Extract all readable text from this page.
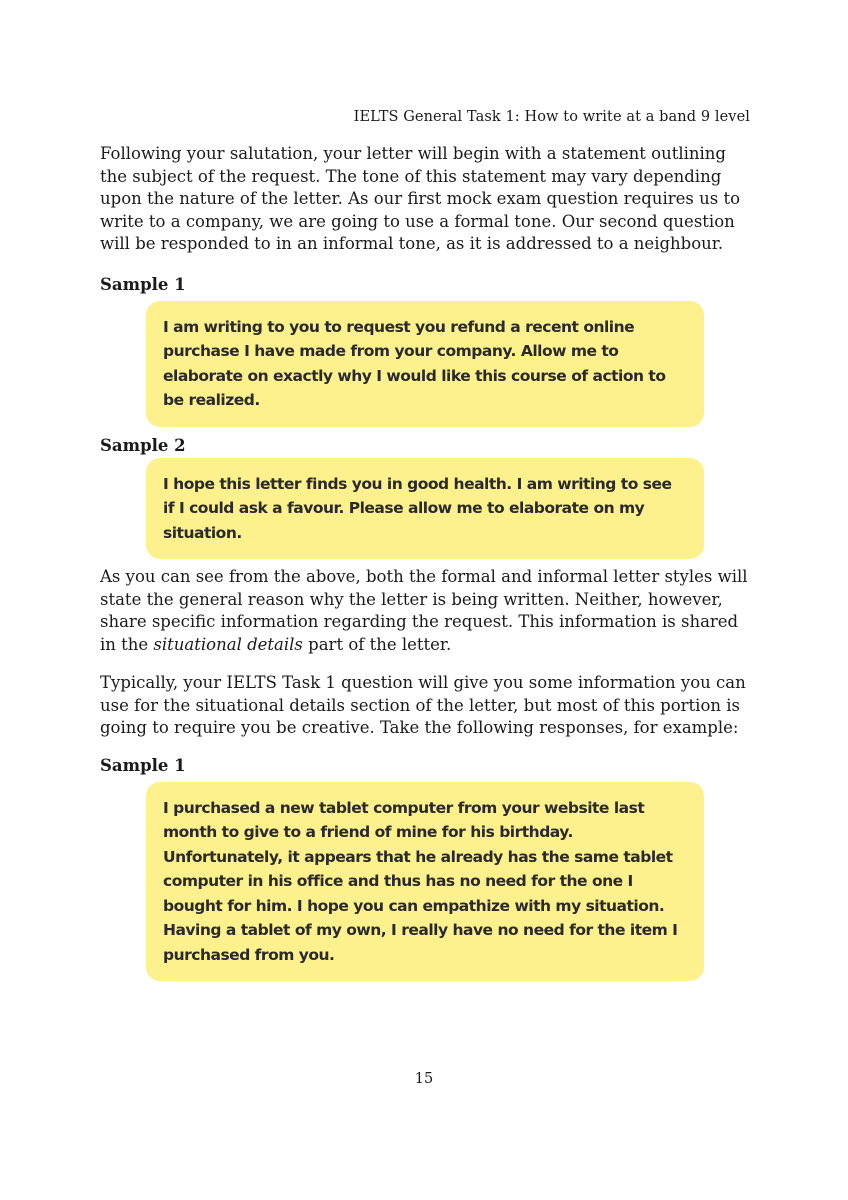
IELTS General Task 1: How to write at a band 9 level

Following your salutation, your letter will begin with a statement outlining the subject of the request. The tone of this statement may vary depending upon the nature of the letter. As our first mock exam question requires us to write to a company, we are going to use a formal tone. Our second question will be responded to in an informal tone, as it is addressed to a neighbour.

Sample 1

I am writing to you to request you refund a recent online purchase I have made from your company. Allow me to elaborate on exactly why I would like this course of action to be realized.

Sample 2

I hope this letter finds you in good health. I am writing to see if I could ask a favour. Please allow me to elaborate on my situation.

As you can see from the above, both the formal and informal letter styles will state the general reason why the letter is being written. Neither, however, share specific information regarding the request. This information is shared in the situational details part of the letter.

Typically, your IELTS Task 1 question will give you some information you can use for the situational details section of the letter, but most of this portion is going to require you be creative. Take the following responses, for example:

Sample 1

I purchased a new tablet computer from your website last month to give to a friend of mine for his birthday. Unfortunately, it appears that he already has the same tablet computer in his office and thus has no need for the one I bought for him. I hope you can empathize with my situation. Having a tablet of my own, I really have no need for the item I purchased from you.
15
